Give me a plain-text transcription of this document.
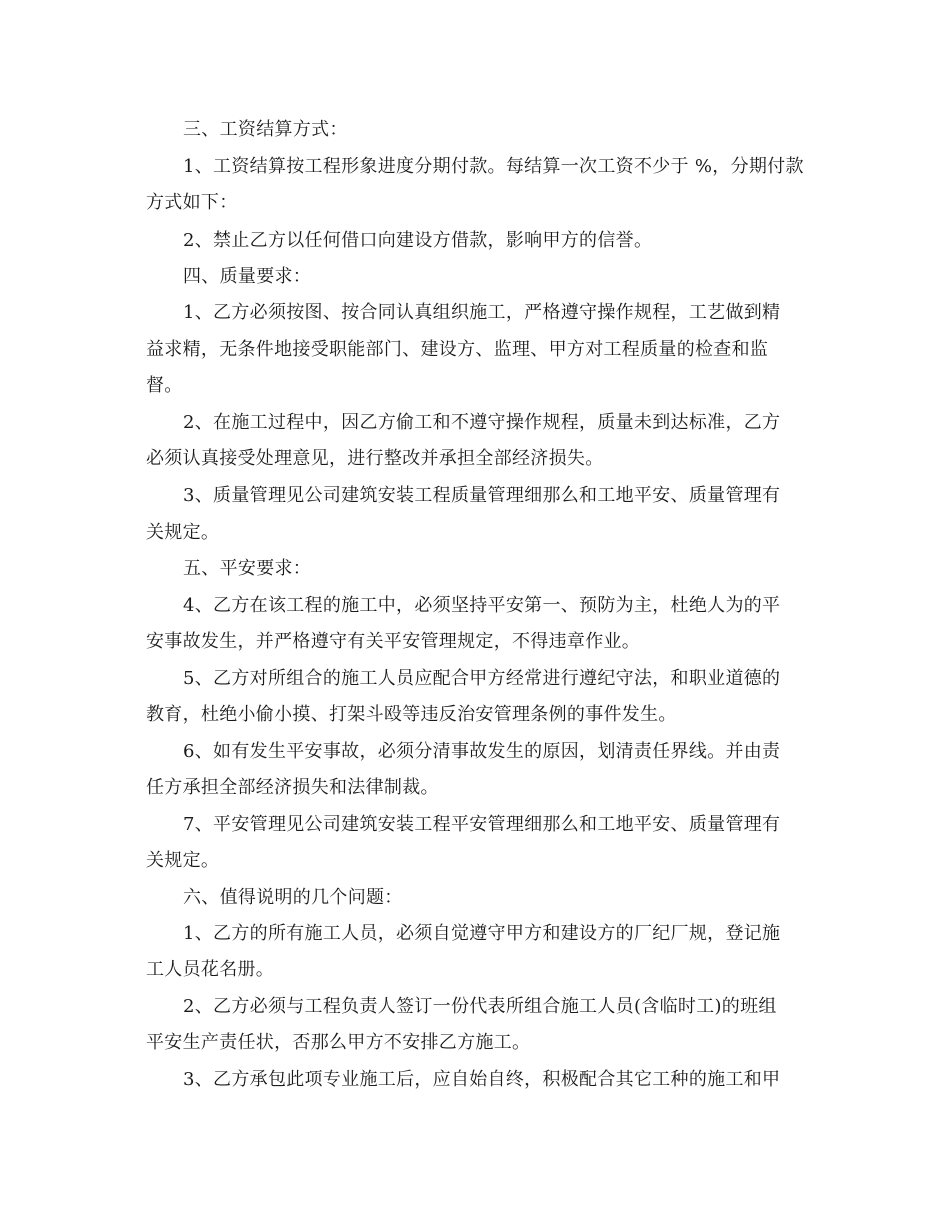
三、工资结算方式：
1、工资结算按工程形象进度分期付款。每结算一次工资不少于 %，分期付款
方式如下：
2、禁止乙方以任何借口向建设方借款，影响甲方的信誉。
四、质量要求：
1、乙方必须按图、按合同认真组织施工，严格遵守操作规程，工艺做到精
益求精，无条件地接受职能部门、建设方、监理、甲方对工程质量的检查和监
督。
2、在施工过程中，因乙方偷工和不遵守操作规程，质量未到达标准，乙方
必须认真接受处理意见，进行整改并承担全部经济损失。
3、质量管理见公司建筑安装工程质量管理细那么和工地平安、质量管理有
关规定。
五、平安要求：
4、乙方在该工程的施工中，必须坚持平安第一、预防为主，杜绝人为的平
安事故发生，并严格遵守有关平安管理规定，不得违章作业。
5、乙方对所组合的施工人员应配合甲方经常进行遵纪守法，和职业道德的
教育，杜绝小偷小摸、打架斗殴等违反治安管理条例的事件发生。
6、如有发生平安事故，必须分清事故发生的原因，划清责任界线。并由责
任方承担全部经济损失和法律制裁。
7、平安管理见公司建筑安装工程平安管理细那么和工地平安、质量管理有
关规定。
六、值得说明的几个问题：
1、乙方的所有施工人员，必须自觉遵守甲方和建设方的厂纪厂规，登记施
工人员花名册。
2、乙方必须与工程负责人签订一份代表所组合施工人员(含临时工)的班组
平安生产责任状，否那么甲方不安排乙方施工。
3、乙方承包此项专业施工后，应自始自终，积极配合其它工种的施工和甲
